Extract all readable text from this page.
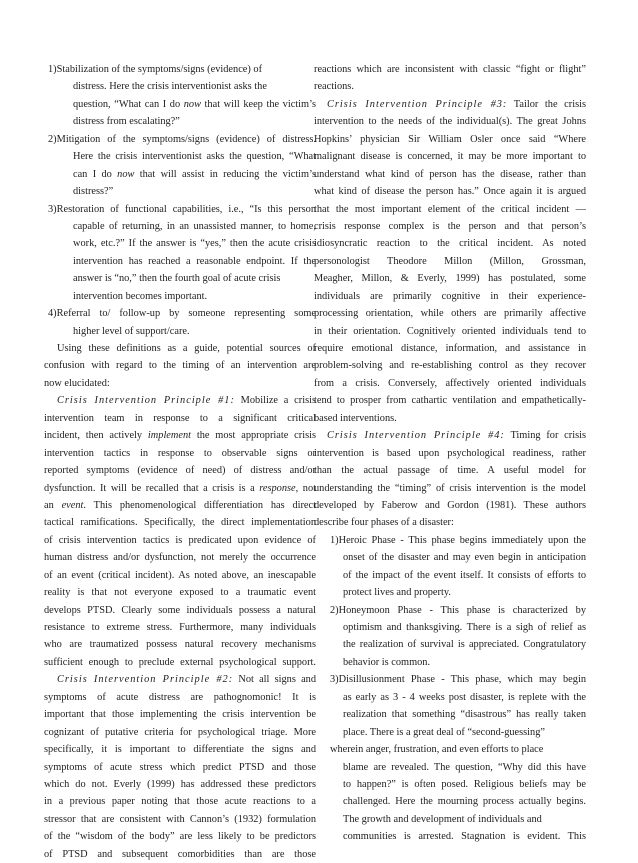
1)Stabilization of the symptoms/signs (evidence) of
distress. Here the crisis interventionist asks the
question, “What can I do now that will keep the victim’s
distress from escalating?”
2)Mitigation of the symptoms/signs (evidence) of distress.
Here the crisis interventionist asks the question, “What
can I do now that will assist in reducing the victim’s
distress?”
3)Restoration of functional capabilities, i.e., “Is this person
capable of returning, in an unassisted manner, to home,
work, etc.?” If the answer is “yes,” then the acute crisis
intervention has reached a reasonable endpoint. If the
answer is “no,” then the fourth goal of acute crisis
intervention becomes important.
4)Referral to/ follow-up by someone representing some
higher level of support/care.
Using these definitions as a guide, potential sources of
confusion with regard to the timing of an intervention are
now elucidated:
Crisis Intervention Principle #1: Mobilize a crisis
intervention team in response to a significant critical
incident, then actively implement the most appropriate crisis
intervention tactics in response to observable signs or
reported symptoms (evidence of need) of distress and/or
dysfunction. It will be recalled that a crisis is a response, not
an event. This phenomenological differentiation has direct
tactical ramifications. Specifically, the direct implementation
of crisis intervention tactics is predicated upon evidence of
human distress and/or dysfunction, not merely the occurrence
of an event (critical incident). As noted above, an inescapable
reality is that not everyone exposed to a traumatic event
develops PTSD. Clearly some individuals possess a natural
resistance to extreme stress. Furthermore, many individuals
who are traumatized possess natural recovery mechanisms
sufficient enough to preclude external psychological support.
Crisis Intervention Principle #2: Not all signs and
symptoms of acute distress are pathognomonic! It is
important that those implementing the crisis intervention be
cognizant of putative criteria for psychological triage. More
specifically, it is important to differentiate the signs and
symptoms of acute stress which predict PTSD and those
which do not. Everly (1999) has addressed these predictors
in a previous paper noting that those acute reactions to a
stressor that are consistent with Cannon’s (1932) formulation
of the “wisdom of the body” are less likely to be predictors
of PTSD and subsequent comorbidities than are those
reactions which are inconsistent with classic “fight or flight”
reactions.
Crisis Intervention Principle #3: Tailor the crisis
intervention to the needs of the individual(s). The great Johns
Hopkins’ physician Sir William Osler once said “Where
malignant disease is concerned, it may be more important to
understand what kind of person has the disease, rather than
what kind of disease the person has.” Once again it is argued
that the most important element of the critical incident —
crisis response complex is the person and that person’s
idiosyncratic reaction to the critical incident. As noted
personologist Theodore Millon (Millon, Grossman,
Meagher, Millon, & Everly, 1999) has postulated, some
individuals are primarily cognitive in their experience-
processing orientation, while others are primarily affective
in their orientation. Cognitively oriented individuals tend to
require emotional distance, information, and assistance in
problem-solving and re-establishing control as they recover
from a crisis. Conversely, affectively oriented individuals
tend to prosper from cathartic ventilation and empathetically-
based interventions.
Crisis Intervention Principle #4: Timing for crisis
intervention is based upon psychological readiness, rather
than the actual passage of time. A useful model for
understanding the “timing” of crisis intervention is the model
developed by Faberow and Gordon (1981). These authors
describe four phases of a disaster:
1)Heroic Phase - This phase begins immediately upon the
onset of the disaster and may even begin in anticipation
of the impact of the event itself. It consists of efforts to
protect lives and property.
2)Honeymoon Phase - This phase is characterized by
optimism and thanksgiving. There is a sigh of relief as
the realization of survival is appreciated. Congratulatory
behavior is common.
3)Disillusionment Phase - This phase, which may begin
as early as 3 - 4 weeks post disaster, is replete with the
realization that something “disastrous” has really taken
place. There is a great deal of “second-guessing”
wherein anger, frustration, and even efforts to place
blame are revealed. The question, “Why did this have
to happen?” is often posed. Religious beliefs may be
challenged. Here the mourning process actually begins.
The growth and development of individuals and
communities is arrested. Stagnation is evident. This
